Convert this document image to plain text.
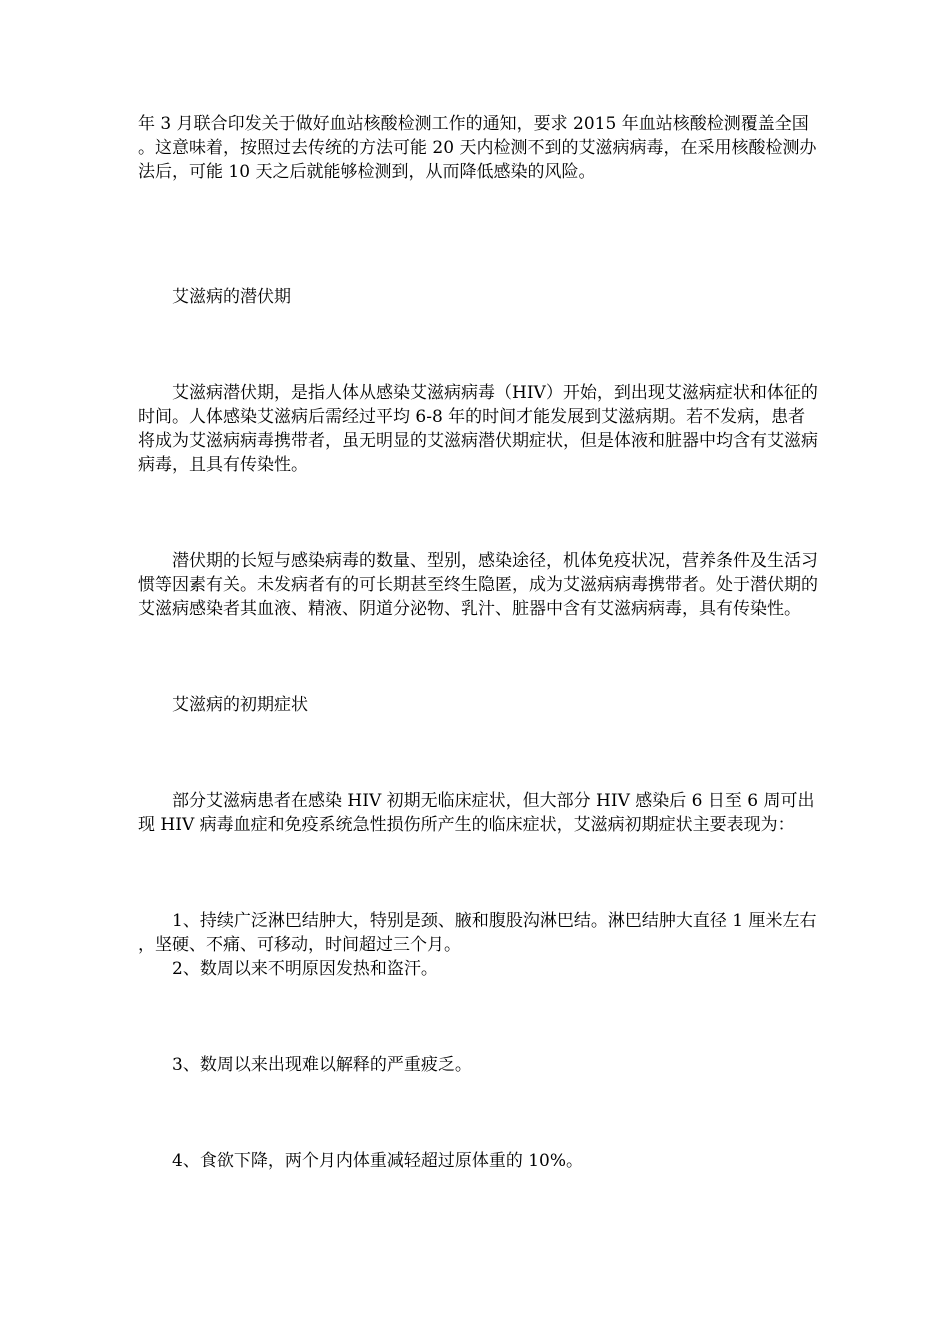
年 3 月联合印发关于做好血站核酸检测工作的通知，要求 2015 年血站核酸检测覆盖全国。这意味着，按照过去传统的方法可能 20 天内检测不到的艾滋病病毒，在采用核酸检测办法后，可能 10 天之后就能够检测到，从而降低感染的风险。

艾滋病的潜伏期

艾滋病潜伏期，是指人体从感染艾滋病病毒（HIV）开始，到出现艾滋病症状和体征的时间。人体感染艾滋病后需经过平均 6-8 年的时间才能发展到艾滋病期。若不发病，患者将成为艾滋病病毒携带者，虽无明显的艾滋病潜伏期症状，但是体液和脏器中均含有艾滋病病毒，且具有传染性。

潜伏期的长短与感染病毒的数量、型别，感染途径，机体免疫状况，营养条件及生活习惯等因素有关。未发病者有的可长期甚至终生隐匿，成为艾滋病病毒携带者。处于潜伏期的艾滋病感染者其血液、精液、阴道分泌物、乳汁、脏器中含有艾滋病病毒，具有传染性。

艾滋病的初期症状

部分艾滋病患者在感染 HIV 初期无临床症状，但大部分 HIV 感染后 6 日至 6 周可出现 HIV 病毒血症和免疫系统急性损伤所产生的临床症状，艾滋病初期症状主要表现为：

1、持续广泛淋巴结肿大，特别是颈、腋和腹股沟淋巴结。淋巴结肿大直径 1 厘米左右，坚硬、不痛、可移动，时间超过三个月。

2、数周以来不明原因发热和盗汗。

3、数周以来出现难以解释的严重疲乏。

4、食欲下降，两个月内体重减轻超过原体重的 10%。
